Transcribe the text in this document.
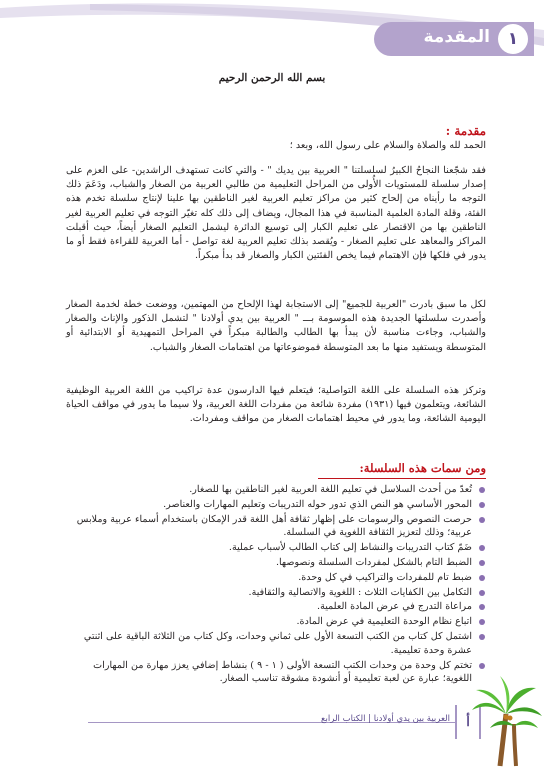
المقدمة	١
بسم الله الرحمن الرحيم
مقدمة :
الحمد لله والصلاة والسلام على رسول الله، وبعد ؛
فقد شجّعنا النجاحُ الكبيرُ لسلسلتنا " العربية بين يديك " - والتي كانت تستهدف الراشدين- على العزم على إصدار سلسلة للمستويات الأُولى من المراحل التعليمية من طالبي العربية من الصغار والشباب، ودَعَمَ ذلك التوجه ما رأيناه من إلحاح كثير من مراكز تعليم العربية لغير الناطقين بها علينا لإنتاج سلسلة تخدم هذه الفئة، وقلة المادة العلمية المناسبة في هذا المجال، ويضاف إلى ذلك كله تغيّر التوجه في تعليم العربية لغير الناطقين بها من الاقتصار على تعليم الكبار إلى توسيع الدائرة ليشمل التعليم الصغار أيضاً، حيث أقبلت المراكز والمعاهد على تعليم الصغار - ويُقصد بذلك تعليم العربية لغة تواصل - أما العربية للقراءة فقط أو ما يدور في فلكها فإن الاهتمام فيما يخص الفئتين الكبار والصغار قد بدأ مبكراً.
لكل ما سبق بادرت "العربية للجميع" إلى الاستجابة لهذا الإلحاح من المهتمين، ووضعت خطة لخدمة الصغار وأصدرت سلسلتها الجديدة هذه الموسومة بـــ " العربية بين يدي أولادنا " لتشمل الذكور والإناث والصغار والشباب، وجاءت مناسبة لأن يبدأ بها الطالب والطالبة مبكراً في المراحل التمهيدية أو الابتدائية أو المتوسطة ويستفيد منها ما بعد المتوسطة فموضوعاتها من اهتمامات الصغار والشباب.
وتركز هذه السلسلة على اللغة التواصلية؛ فيتعلم فيها الدارسون عدة تراكيب من اللغة العربية الوظيفية الشائعة، ويتعلمون فيها (١٩٣١) مفردة شائعة من مفردات اللغة العربية، ولا سيما ما يدور في مواقف الحياة اليومية الشائعة، وما يدور في محيط اهتمامات الصغار من مواقف ومفردات.
ومن سمات هذه السلسلة:
تُعدّ من أحدث السلاسل في تعليم اللغة العربية لغير الناطقين بها للصغار.
المحور الأساسي هو النص الذي تدور حوله التدريبات وتعليم المهارات والعناصر.
حرصت النصوص والرسومات على إظهار ثقافة أهل اللغة قدر الإمكان باستخدام أسماء عربية وملابس عربية؛ وذلك لتعزيز الثقافة اللغوية في السلسلة.
ضَمّ كتاب التدريبات والنشاط إلى كتاب الطالب لأسباب عملية.
الضبط التام بالشكل لمفردات السلسلة ونصوصها.
ضبط تام للمفردات والتراكيب في كل وحدة.
التكامل بين الكفايات الثلاث : اللغوية والاتصالية والثقافية.
مراعاة التدرج في عرض المادة العلمية.
اتباع نظام الوحدة التعليمية في عرض المادة.
اشتمل كل كتاب من الكتب التسعة الأول على ثماني وحدات، وكل كتاب من الثلاثة الباقية على اثنتي عشرة وحدة تعليمية.
تختم كل وحدة من وحدات الكتب التسعة الأولى ( ١ - ٩ ) بنشاط إضافي يعزز مهارة من المهارات اللغوية؛ عبارة عن لعبة تعليمية أو أنشودة مشوقة تناسب الصغار.
العربية بين يدي أولادنا | الكتاب الرابع	أ
